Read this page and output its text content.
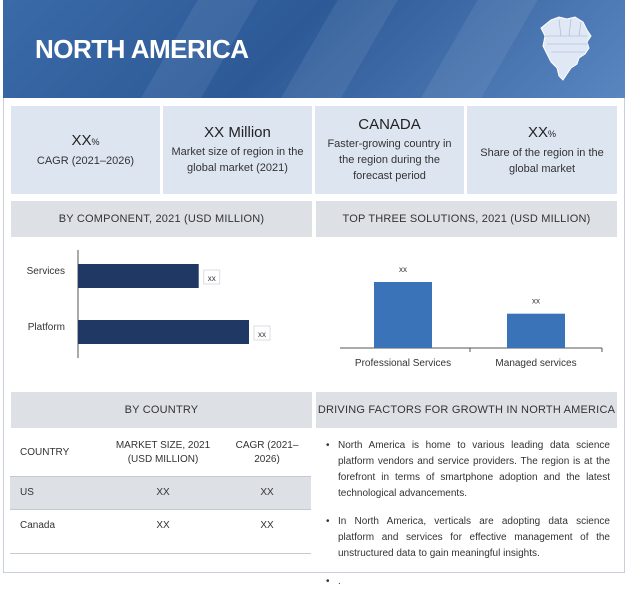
NORTH AMERICA
XX%
CAGR (2021–2026)
XX Million
Market size of region in the global market (2021)
CANADA
Faster-growing country in the region during the forecast period
XX%
Share of the region in the global market
BY COMPONENT, 2021 (USD MILLION)	TOP THREE SOLUTIONS, 2021 (USD MILLION)
BY COUNTRY	DRIVING FACTORS FOR GROWTH IN NORTH AMERICA
Services
xx
Platform
xx
xx
Professional Services
xx
Managed services
COUNTRY	MARKET SIZE, 2021 (USD MILLION)	CAGR (2021–2026)
US	XX	XX
Canada	XX	XX
• North America is home to various leading data science platform vendors and service providers. The region is at the forefront in terms of smartphone adoption and the latest technological advancements.
• In North America, verticals are adopting data science platform and services for effective management of the unstructured data to gain meaningful insights.
• .
